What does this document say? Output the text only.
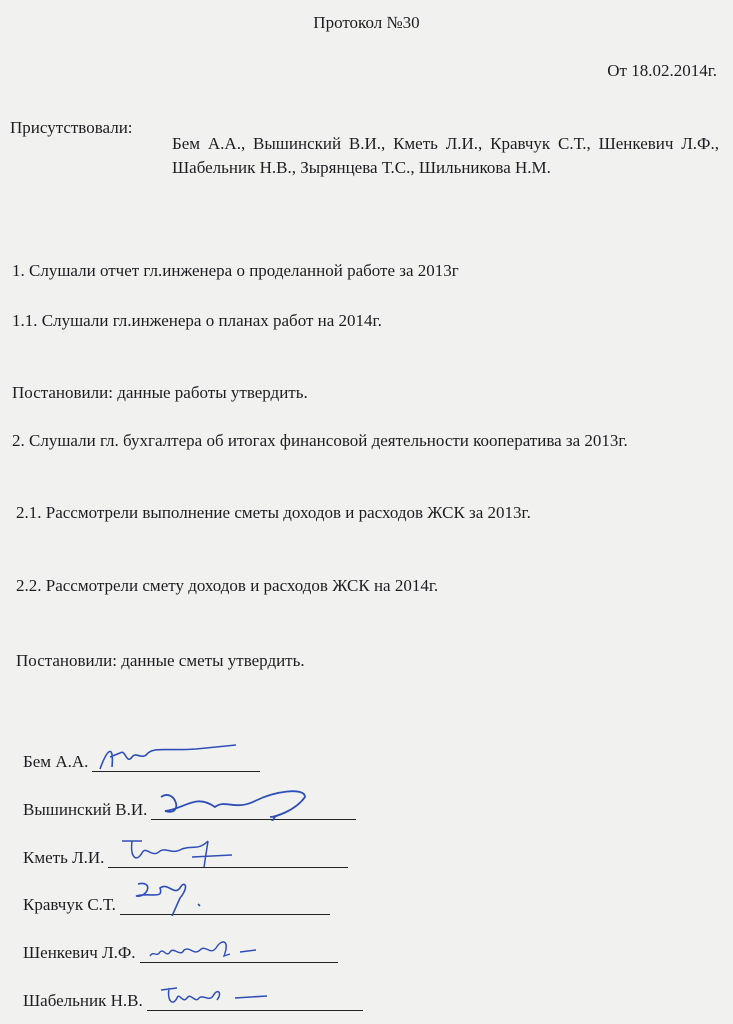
Протокол №30
От 18.02.2014г.
Присутствовали:
Бем А.А., Вышинский В.И., Кметь Л.И., Кравчук С.Т., Шенкевич Л.Ф., Шабельник Н.В., Зырянцева Т.С., Шильникова Н.М.
1. Слушали отчет гл.инженера о проделанной работе за 2013г
1.1. Слушали гл.инженера о планах работ на 2014г.
Постановили: данные работы утвердить.
2. Слушали гл. бухгалтера об итогах финансовой деятельности кооператива за 2013г.
2.1. Рассмотрели выполнение сметы доходов и расходов ЖСК за 2013г.
2.2. Рассмотрели смету доходов и расходов ЖСК на 2014г.
Постановили: данные сметы утвердить.
Бем А.А.
Вышинский В.И.
Кметь Л.И.
Кравчук С.Т.
Шенкевич Л.Ф.
Шабельник Н.В.
